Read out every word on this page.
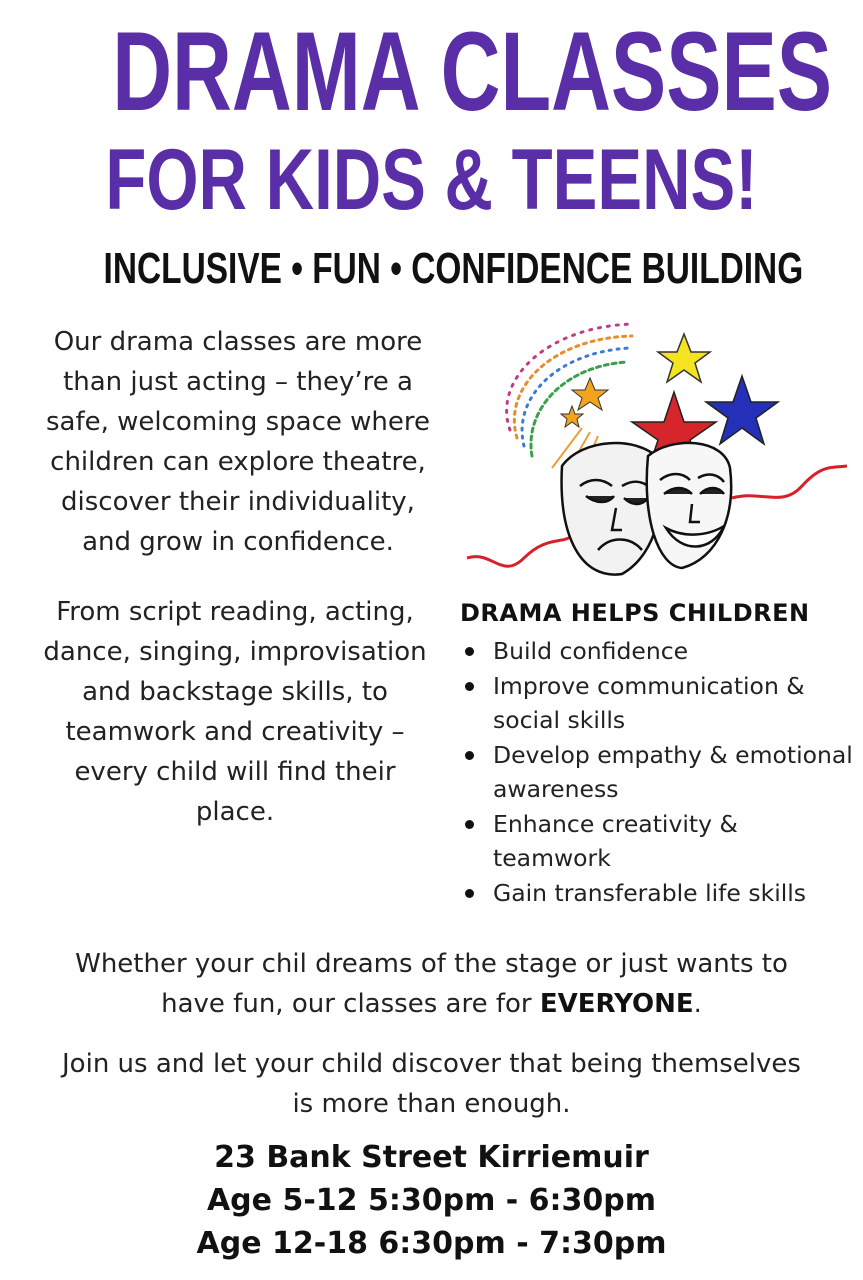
DRAMA CLASSES
FOR KIDS & TEENS!
INCLUSIVE • FUN • CONFIDENCE BUILDING
Our drama classes are more
than just acting – they’re a
safe, welcoming space where
children can explore theatre,
discover their individuality,
and grow in confidence.
From script reading, acting,
dance, singing, improvisation
and backstage skills, to
teamwork and creativity –
every child will find their
place.
DRAMA HELPS CHILDREN
Build confidence
Improve communication & social skills
Develop empathy & emotional awareness
Enhance creativity & teamwork
Gain transferable life skills
Whether your chil dreams of the stage or just wants to
have fun, our classes are for EVERYONE.
Join us and let your child discover that being themselves
is more than enough.
23 Bank Street Kirriemuir
Age 5-12 5:30pm - 6:30pm
Age 12-18 6:30pm - 7:30pm
